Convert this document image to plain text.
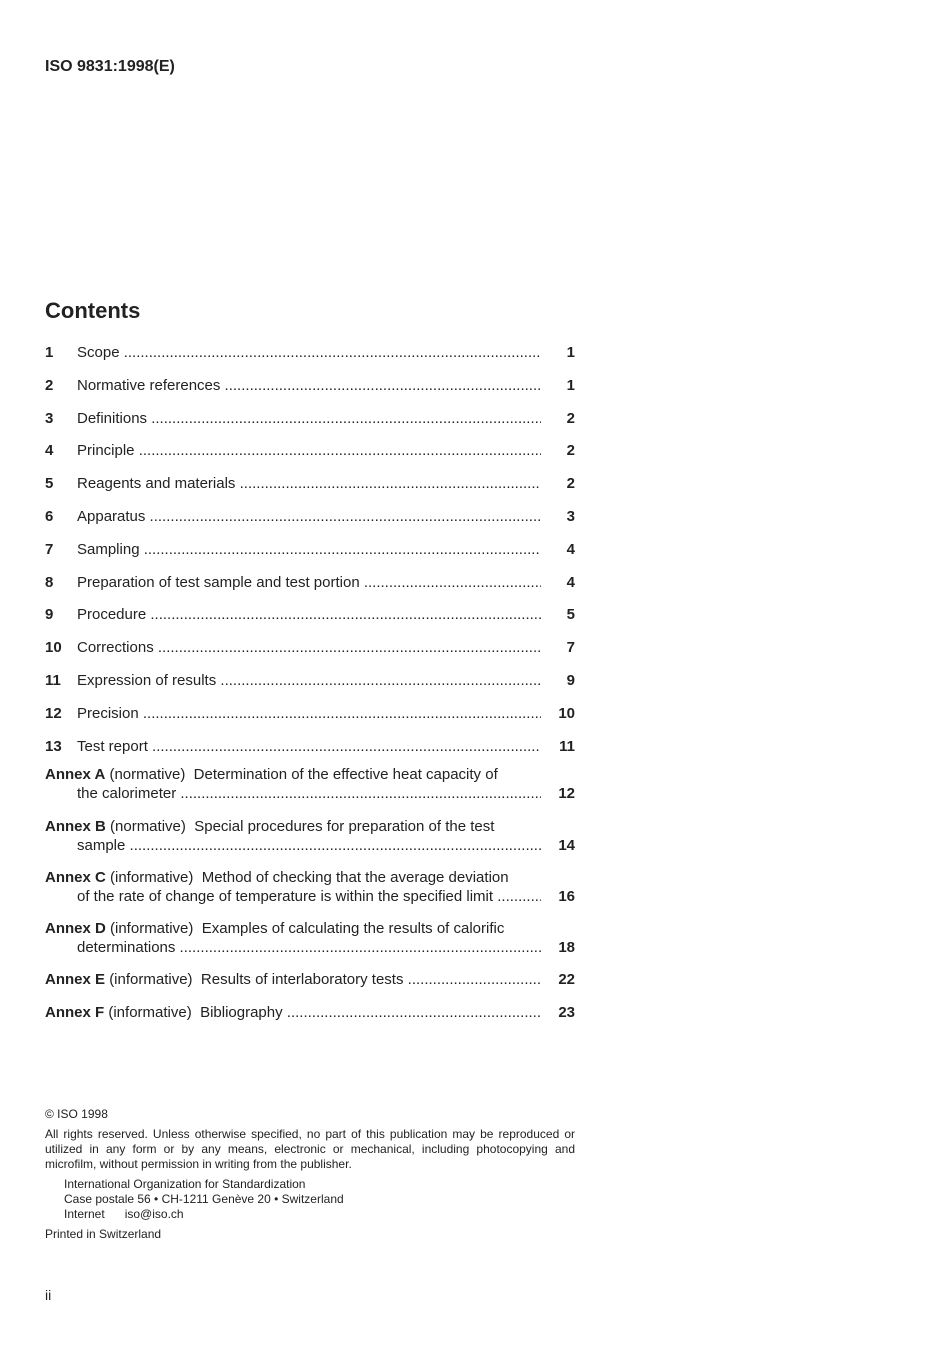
ISO 9831:1998(E)
Contents
1 Scope .....	1
2 Normative references .....	1
3 Definitions .....	2
4 Principle .....	2
5 Reagents and materials .....	2
6 Apparatus .....	3
7 Sampling .....	4
8 Preparation of test sample and test portion .....	4
9 Procedure .....	5
10 Corrections .....	7
11 Expression of results .....	9
12 Precision .....	10
13 Test report .....	11
Annex A (normative) Determination of the effective heat capacity of
the calorimeter .....	12
Annex B (normative) Special procedures for preparation of the test
sample .....	14
Annex C (informative) Method of checking that the average deviation
of the rate of change of temperature is within the specified limit .....	16
Annex D (informative) Examples of calculating the results of calorific
determinations .....	18
Annex E (informative) Results of interlaboratory tests .....	22
Annex F (informative) Bibliography .....	23
© ISO 1998
All rights reserved. Unless otherwise specified, no part of this publication may be reproduced or utilized in any form or by any means, electronic or mechanical, including photocopying and microfilm, without permission in writing from the publisher.
International Organization for Standardization
Case postale 56 • CH-1211 Genève 20 • Switzerland
Internet iso@iso.ch
Printed in Switzerland
ii
